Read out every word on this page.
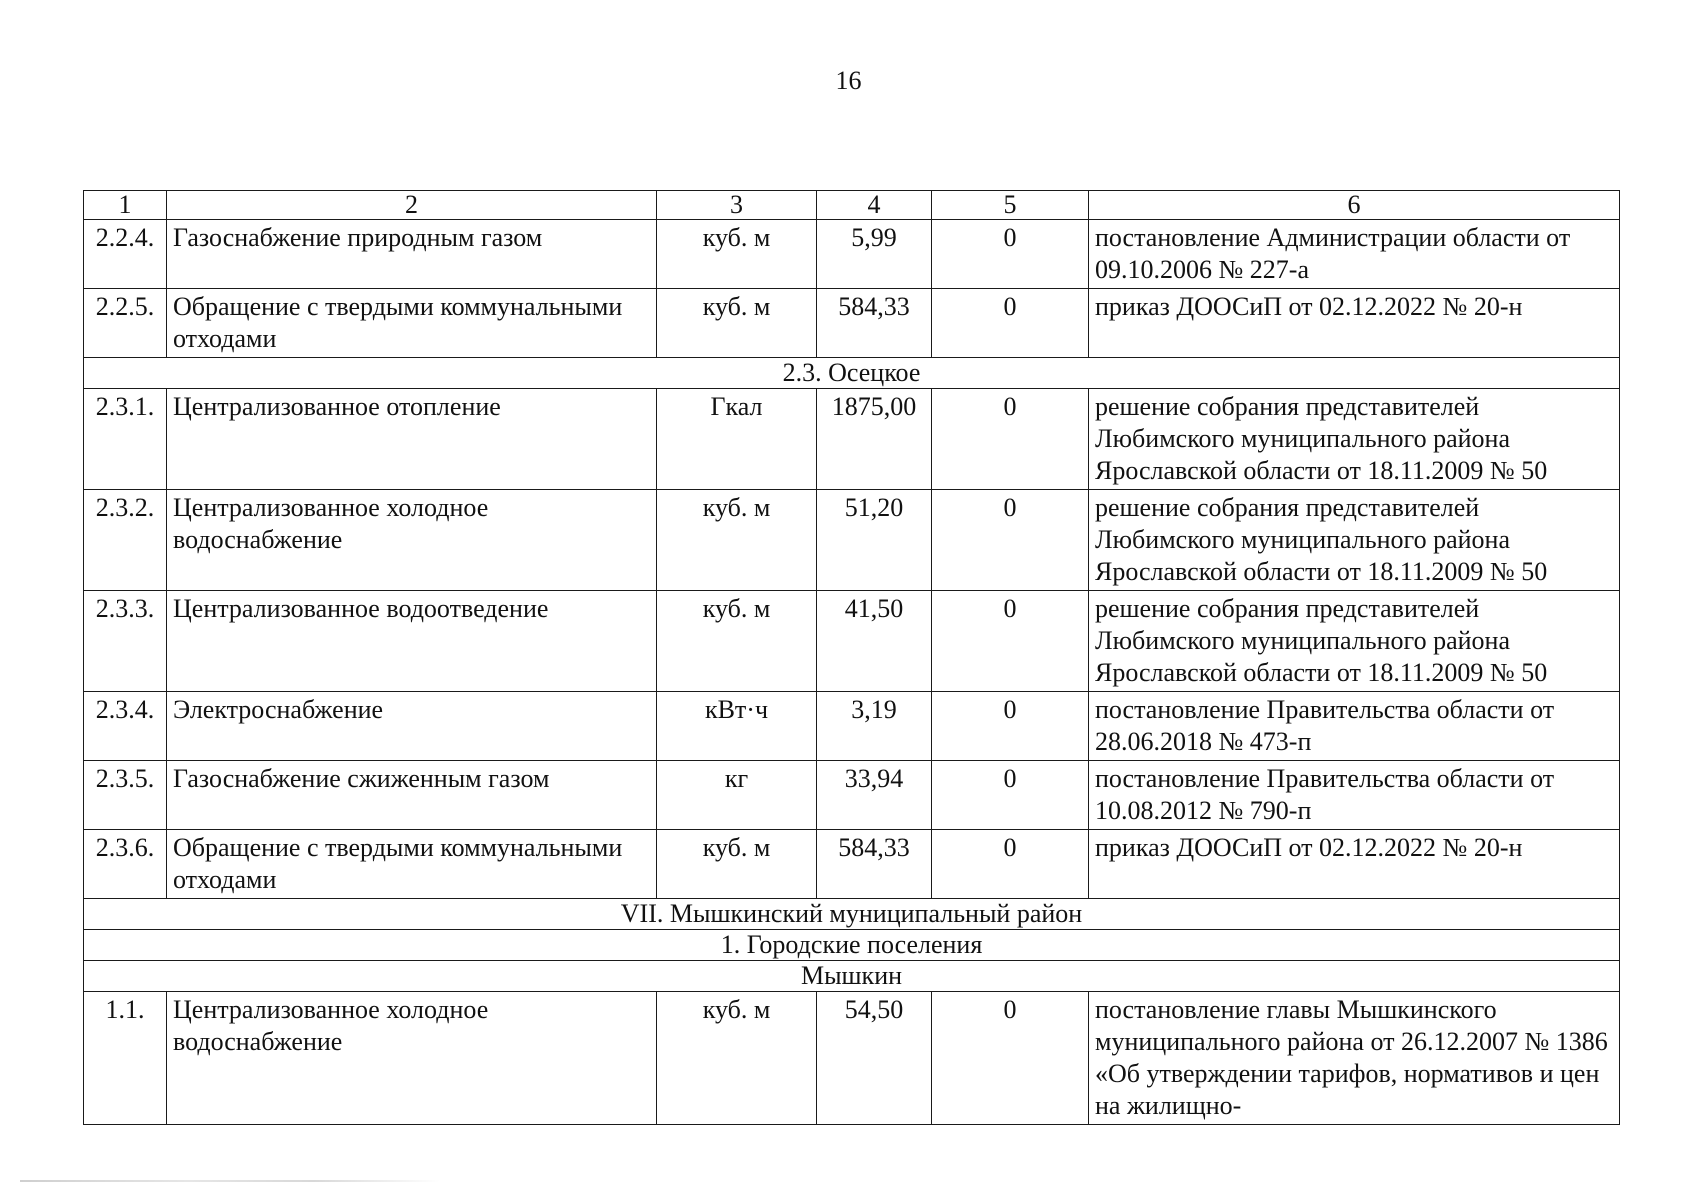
16
1	2	3	4	5	6
2.2.4.	Газоснабжение природным газом	куб. м	5,99	0	постановление Администрации области от 09.10.2006 № 227-а
2.2.5.	Обращение с твердыми коммунальными отходами	куб. м	584,33	0	приказ ДООСиП от 02.12.2022 № 20-н
2.3. Осецкое					
2.3.1.	Централизованное отопление	Гкал	1875,00	0	решение собрания представителей Любимского муниципального района Ярославской области от 18.11.2009 № 50
2.3.2.	Централизованное холодное водоснабжение	куб. м	51,20	0	решение собрания представителей Любимского муниципального района Ярославской области от 18.11.2009 № 50
2.3.3.	Централизованное водоотведение	куб. м	41,50	0	решение собрания представителей Любимского муниципального района Ярославской области от 18.11.2009 № 50
2.3.4.	Электроснабжение	кВт·ч	3,19	0	постановление Правительства области от 28.06.2018 № 473-п
2.3.5.	Газоснабжение сжиженным газом	кг	33,94	0	постановление Правительства области от 10.08.2012 № 790-п
2.3.6.	Обращение с твердыми коммунальными отходами	куб. м	584,33	0	приказ ДООСиП от 02.12.2022 № 20-н
VII. Мышкинский муниципальный район					
1. Городские поселения					
Мышкин					
1.1.	Централизованное холодное водоснабжение	куб. м	54,50	0	постановление главы Мышкинского муниципального района от 26.12.2007 № 1386 «Об утверждении тарифов, нормативов и цен на жилищно-
